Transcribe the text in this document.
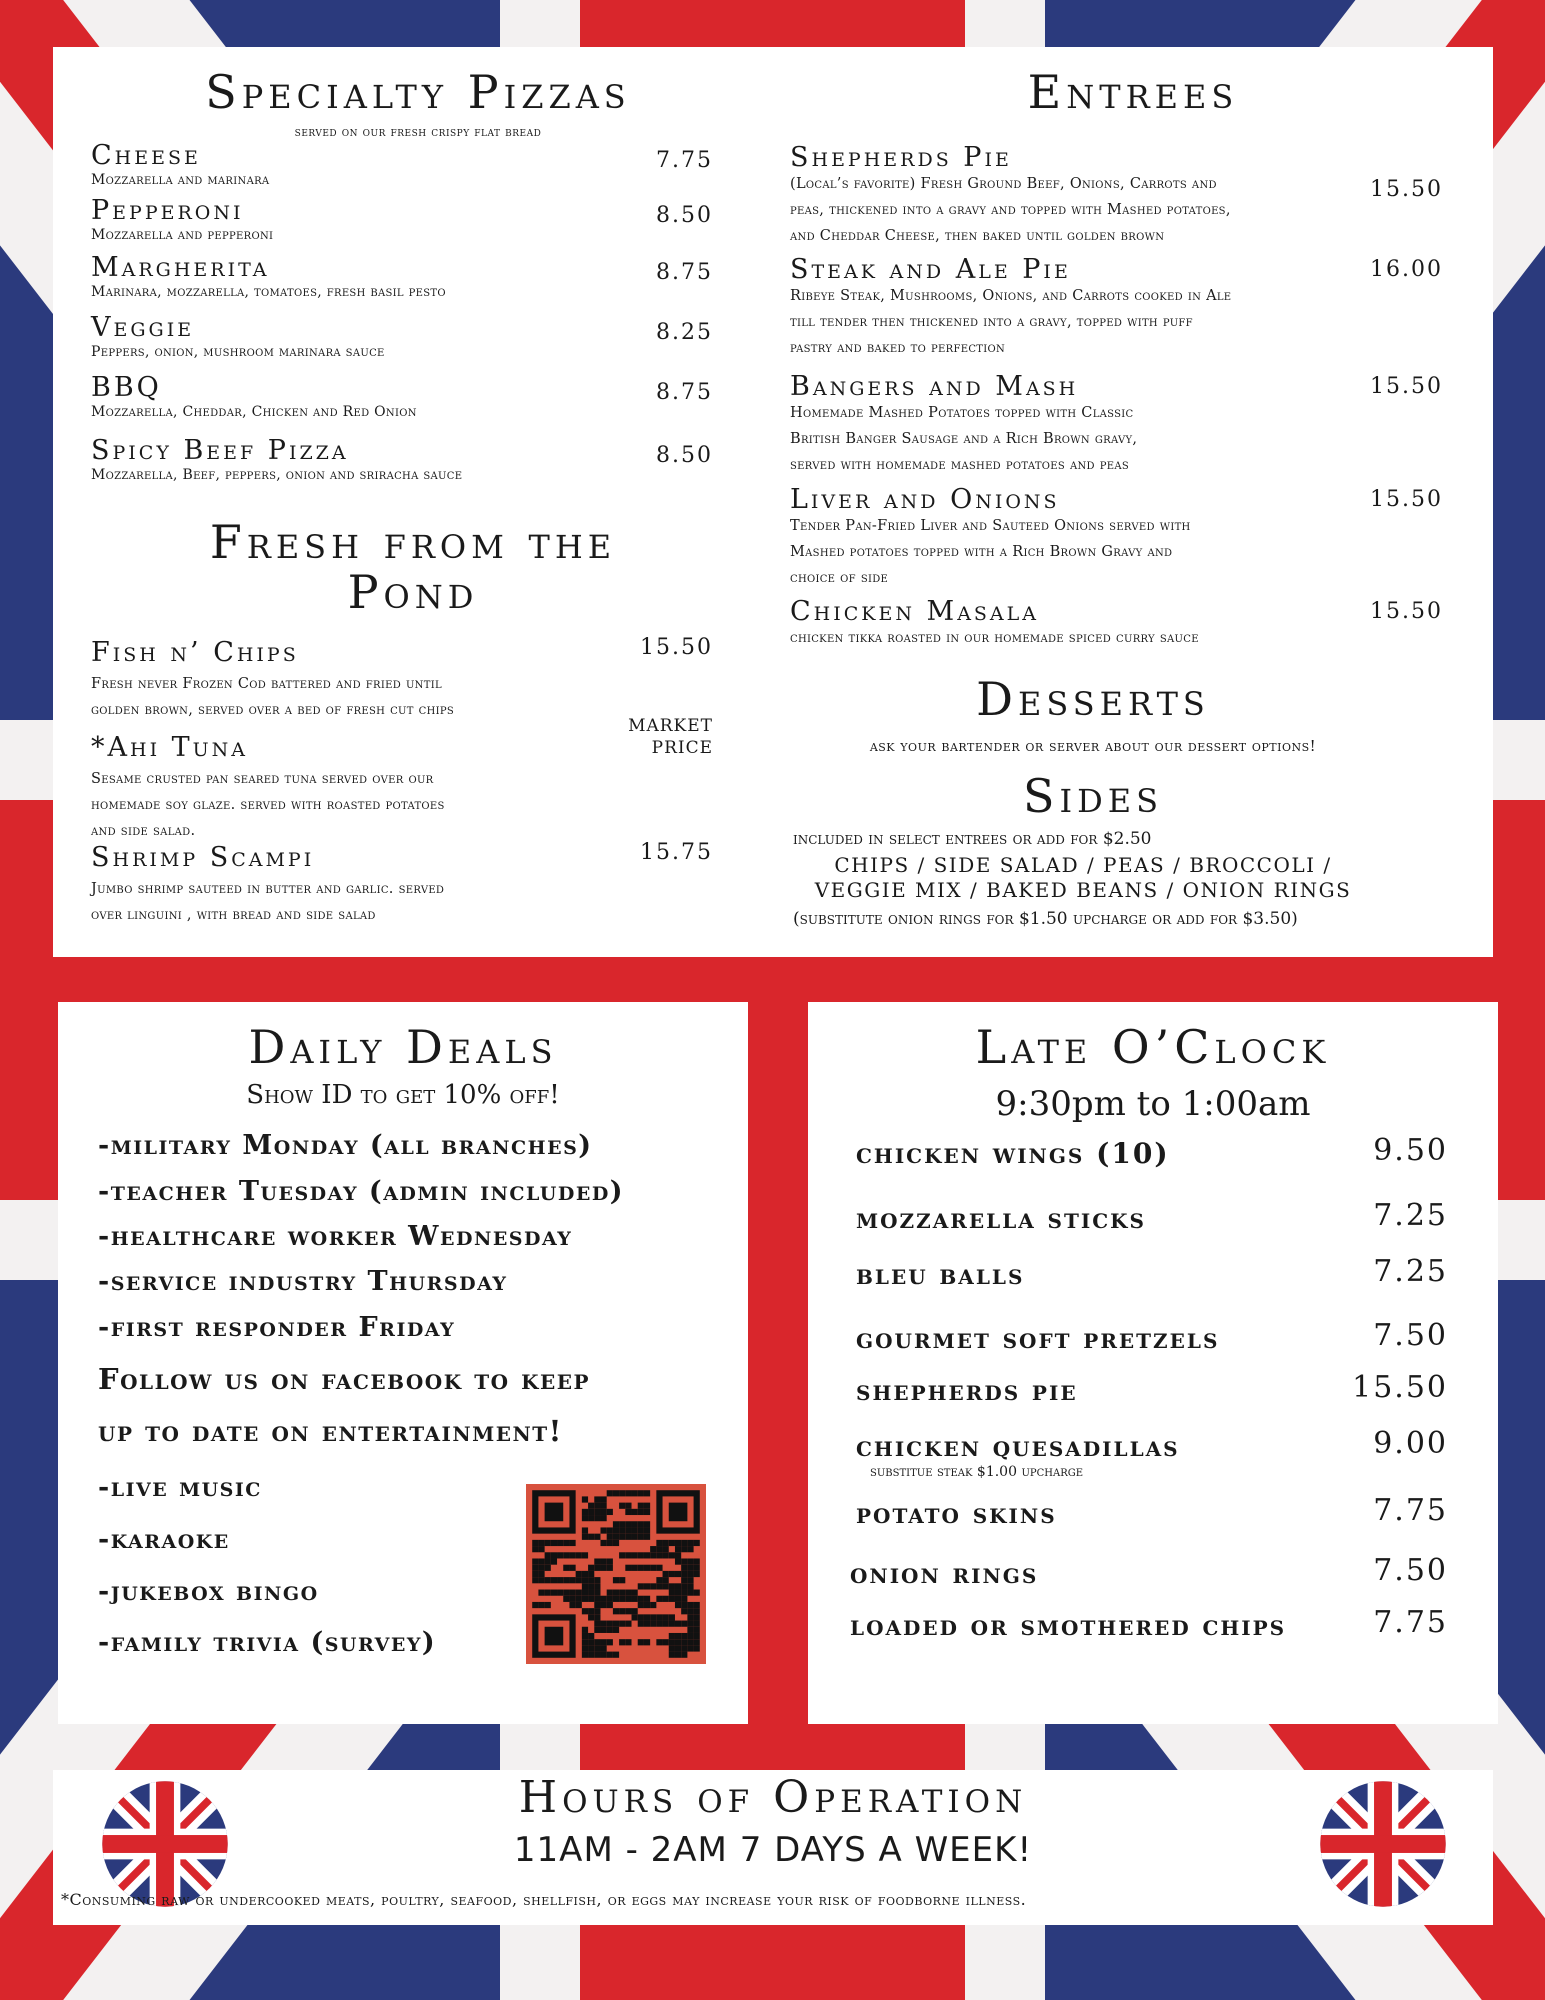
Specialty Pizzas
served on our fresh crispy flat bread
Fresh from the
Pond
Entrees
Desserts
ask your bartender or server about our dessert options!
Sides
included in select entrees or add for $2.50
CHIPS / SIDE SALAD / PEAS / BROCCOLI /
VEGGIE MIX / BAKED BEANS / ONION RINGS
(substitute onion rings for $1.50 upcharge or add for $3.50)
Cheese
Mozzarella and marinara
7.75
Pepperoni
Mozzarella and pepperoni
8.50
Margherita
Marinara, mozzarella, tomatoes, fresh basil pesto
8.75
Veggie
Peppers, onion, mushroom marinara sauce
8.25
BBQ
Mozzarella, Cheddar, Chicken and Red Onion
8.75
Spicy Beef Pizza
Mozzarella, Beef, peppers, onion and sriracha sauce
8.50
Fish n’ Chips
Fresh never Frozen Cod battered and fried until
golden brown, served over a bed of fresh cut chips
15.50
*Ahi Tuna
Sesame crusted pan seared tuna served over our
homemade soy glaze. served with roasted potatoes
and side salad.
MARKET
PRICE
Shrimp Scampi
Jumbo shrimp sauteed in butter and garlic. served
over linguini , with bread and side salad
15.75
Shepherds Pie
(Local’s favorite) Fresh Ground Beef, Onions, Carrots and
peas, thickened into a gravy and topped with Mashed potatoes,
and Cheddar Cheese, then baked until golden brown
15.50
Steak and Ale Pie
Ribeye Steak, Mushrooms, Onions, and Carrots cooked in Ale
till tender then thickened into a gravy, topped with puff
pastry and baked to perfection
16.00
Bangers and Mash
Homemade Mashed Potatoes topped with Classic
British Banger Sausage and a Rich Brown gravy,
served with homemade mashed potatoes and peas
15.50
Liver and Onions
Tender Pan-Fried Liver and Sauteed Onions served with
Mashed potatoes topped with a Rich Brown Gravy and
choice of side
15.50
Chicken Masala
chicken tikka roasted in our homemade spiced curry sauce
15.50
Daily Deals
Show ID to get 10% off!
Follow us on facebook to keep
up to date on entertainment!
-military Monday (all branches)
-teacher Tuesday (admin included)
-healthcare worker Wednesday
-service industry Thursday
-first responder Friday
-live music
-karaoke
-jukebox bingo
-family trivia (survey)
Late O’Clock
9:30pm to 1:00am
substitue steak $1.00 upcharge
chicken wings (10)	9.50
mozzarella sticks	7.25
bleu balls	7.25
gourmet soft pretzels	7.50
shepherds pie	15.50
chicken quesadillas	9.00
potato skins	7.75
onion rings	7.50
loaded or smothered chips	7.75
Hours of Operation
11AM - 2AM 7 DAYS A WEEK!
*Consuming raw or undercooked meats, poultry, seafood, shellfish, or eggs may increase your risk of foodborne illness.
